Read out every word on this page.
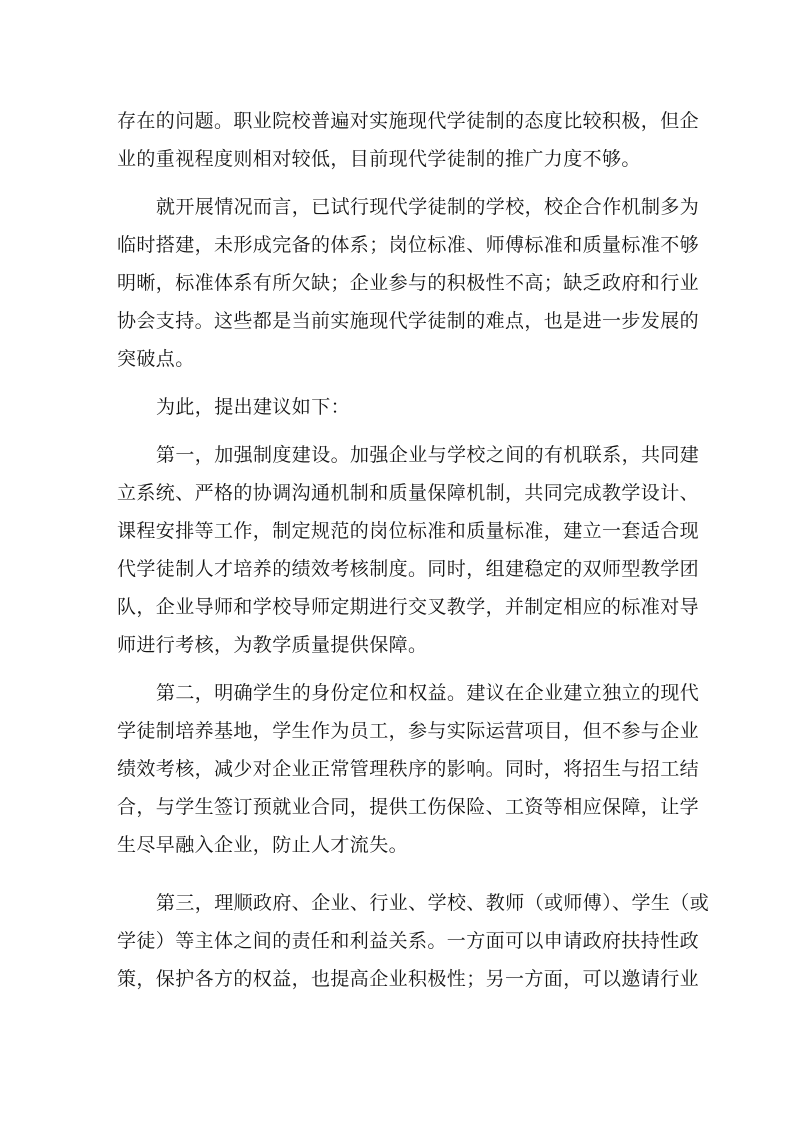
存在的问题。职业院校普遍对实施现代学徒制的态度比较积极，但企
业的重视程度则相对较低，目前现代学徒制的推广力度不够。
就开展情况而言，已试行现代学徒制的学校，校企合作机制多为
临时搭建，未形成完备的体系；岗位标准、师傅标准和质量标准不够
明晰，标准体系有所欠缺；企业参与的积极性不高；缺乏政府和行业
协会支持。这些都是当前实施现代学徒制的难点，也是进一步发展的
突破点。
为此，提出建议如下：
第一，加强制度建设。加强企业与学校之间的有机联系，共同建
立系统、严格的协调沟通机制和质量保障机制，共同完成教学设计、
课程安排等工作，制定规范的岗位标准和质量标准，建立一套适合现
代学徒制人才培养的绩效考核制度。同时，组建稳定的双师型教学团
队，企业导师和学校导师定期进行交叉教学，并制定相应的标准对导
师进行考核，为教学质量提供保障。
第二，明确学生的身份定位和权益。建议在企业建立独立的现代
学徒制培养基地，学生作为员工，参与实际运营项目，但不参与企业
绩效考核，减少对企业正常管理秩序的影响。同时，将招生与招工结
合，与学生签订预就业合同，提供工伤保险、工资等相应保障，让学
生尽早融入企业，防止人才流失。
第三，理顺政府、企业、行业、学校、教师（或师傅）、学生（或
学徒）等主体之间的责任和利益关系。一方面可以申请政府扶持性政
策，保护各方的权益，也提高企业积极性；另一方面，可以邀请行业
